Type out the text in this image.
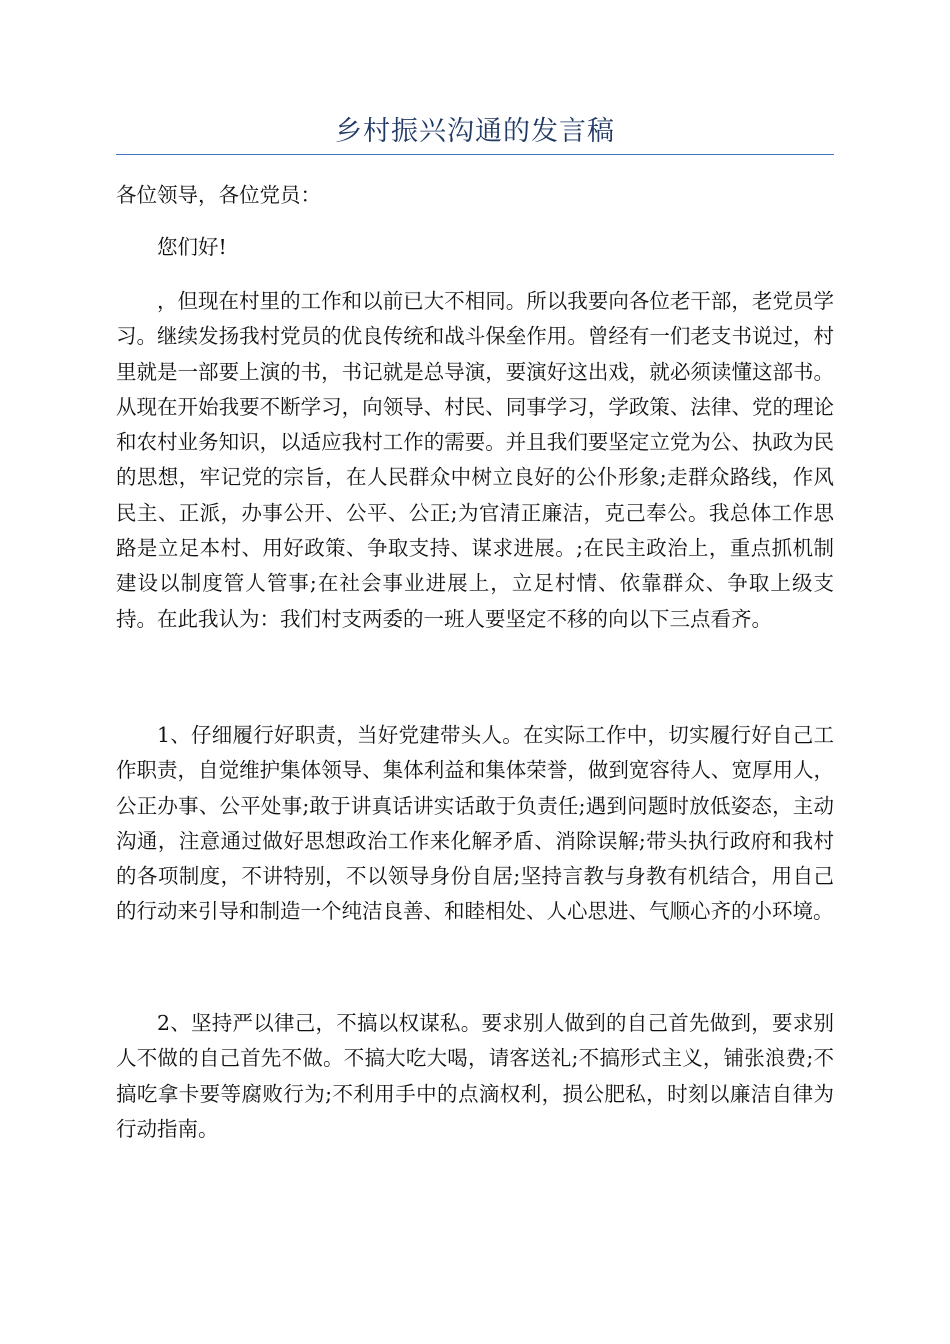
乡村振兴沟通的发言稿

各位领导，各位党员：

您们好!

，但现在村里的工作和以前已大不相同。所以我要向各位老干部，老党员学习。继续发扬我村党员的优良传统和战斗保垒作用。曾经有一们老支书说过，村里就是一部要上演的书，书记就是总导演，要演好这出戏，就必须读懂这部书。从现在开始我要不断学习，向领导、村民、同事学习，学政策、法律、党的理论和农村业务知识，以适应我村工作的需要。并且我们要坚定立党为公、执政为民的思想，牢记党的宗旨，在人民群众中树立良好的公仆形象;走群众路线，作风民主、正派，办事公开、公平、公正;为官清正廉洁，克己奉公。我总体工作思路是立足本村、用好政策、争取支持、谋求进展。;在民主政治上，重点抓机制建设以制度管人管事;在社会事业进展上，立足村情、依靠群众、争取上级支持。在此我认为：我们村支两委的一班人要坚定不移的向以下三点看齐。

1、仔细履行好职责，当好党建带头人。在实际工作中，切实履行好自己工作职责，自觉维护集体领导、集体利益和集体荣誉，做到宽容待人、宽厚用人，公正办事、公平处事;敢于讲真话讲实话敢于负责任;遇到问题时放低姿态，主动沟通，注意通过做好思想政治工作来化解矛盾、消除误解;带头执行政府和我村的各项制度，不讲特别，不以领导身份自居;坚持言教与身教有机结合，用自己的行动来引导和制造一个纯洁良善、和睦相处、人心思进、气顺心齐的小环境。

2、坚持严以律己，不搞以权谋私。要求别人做到的自己首先做到，要求别人不做的自己首先不做。不搞大吃大喝，请客送礼;不搞形式主义，铺张浪费;不搞吃拿卡要等腐败行为;不利用手中的点滴权利，损公肥私，时刻以廉洁自律为行动指南。
